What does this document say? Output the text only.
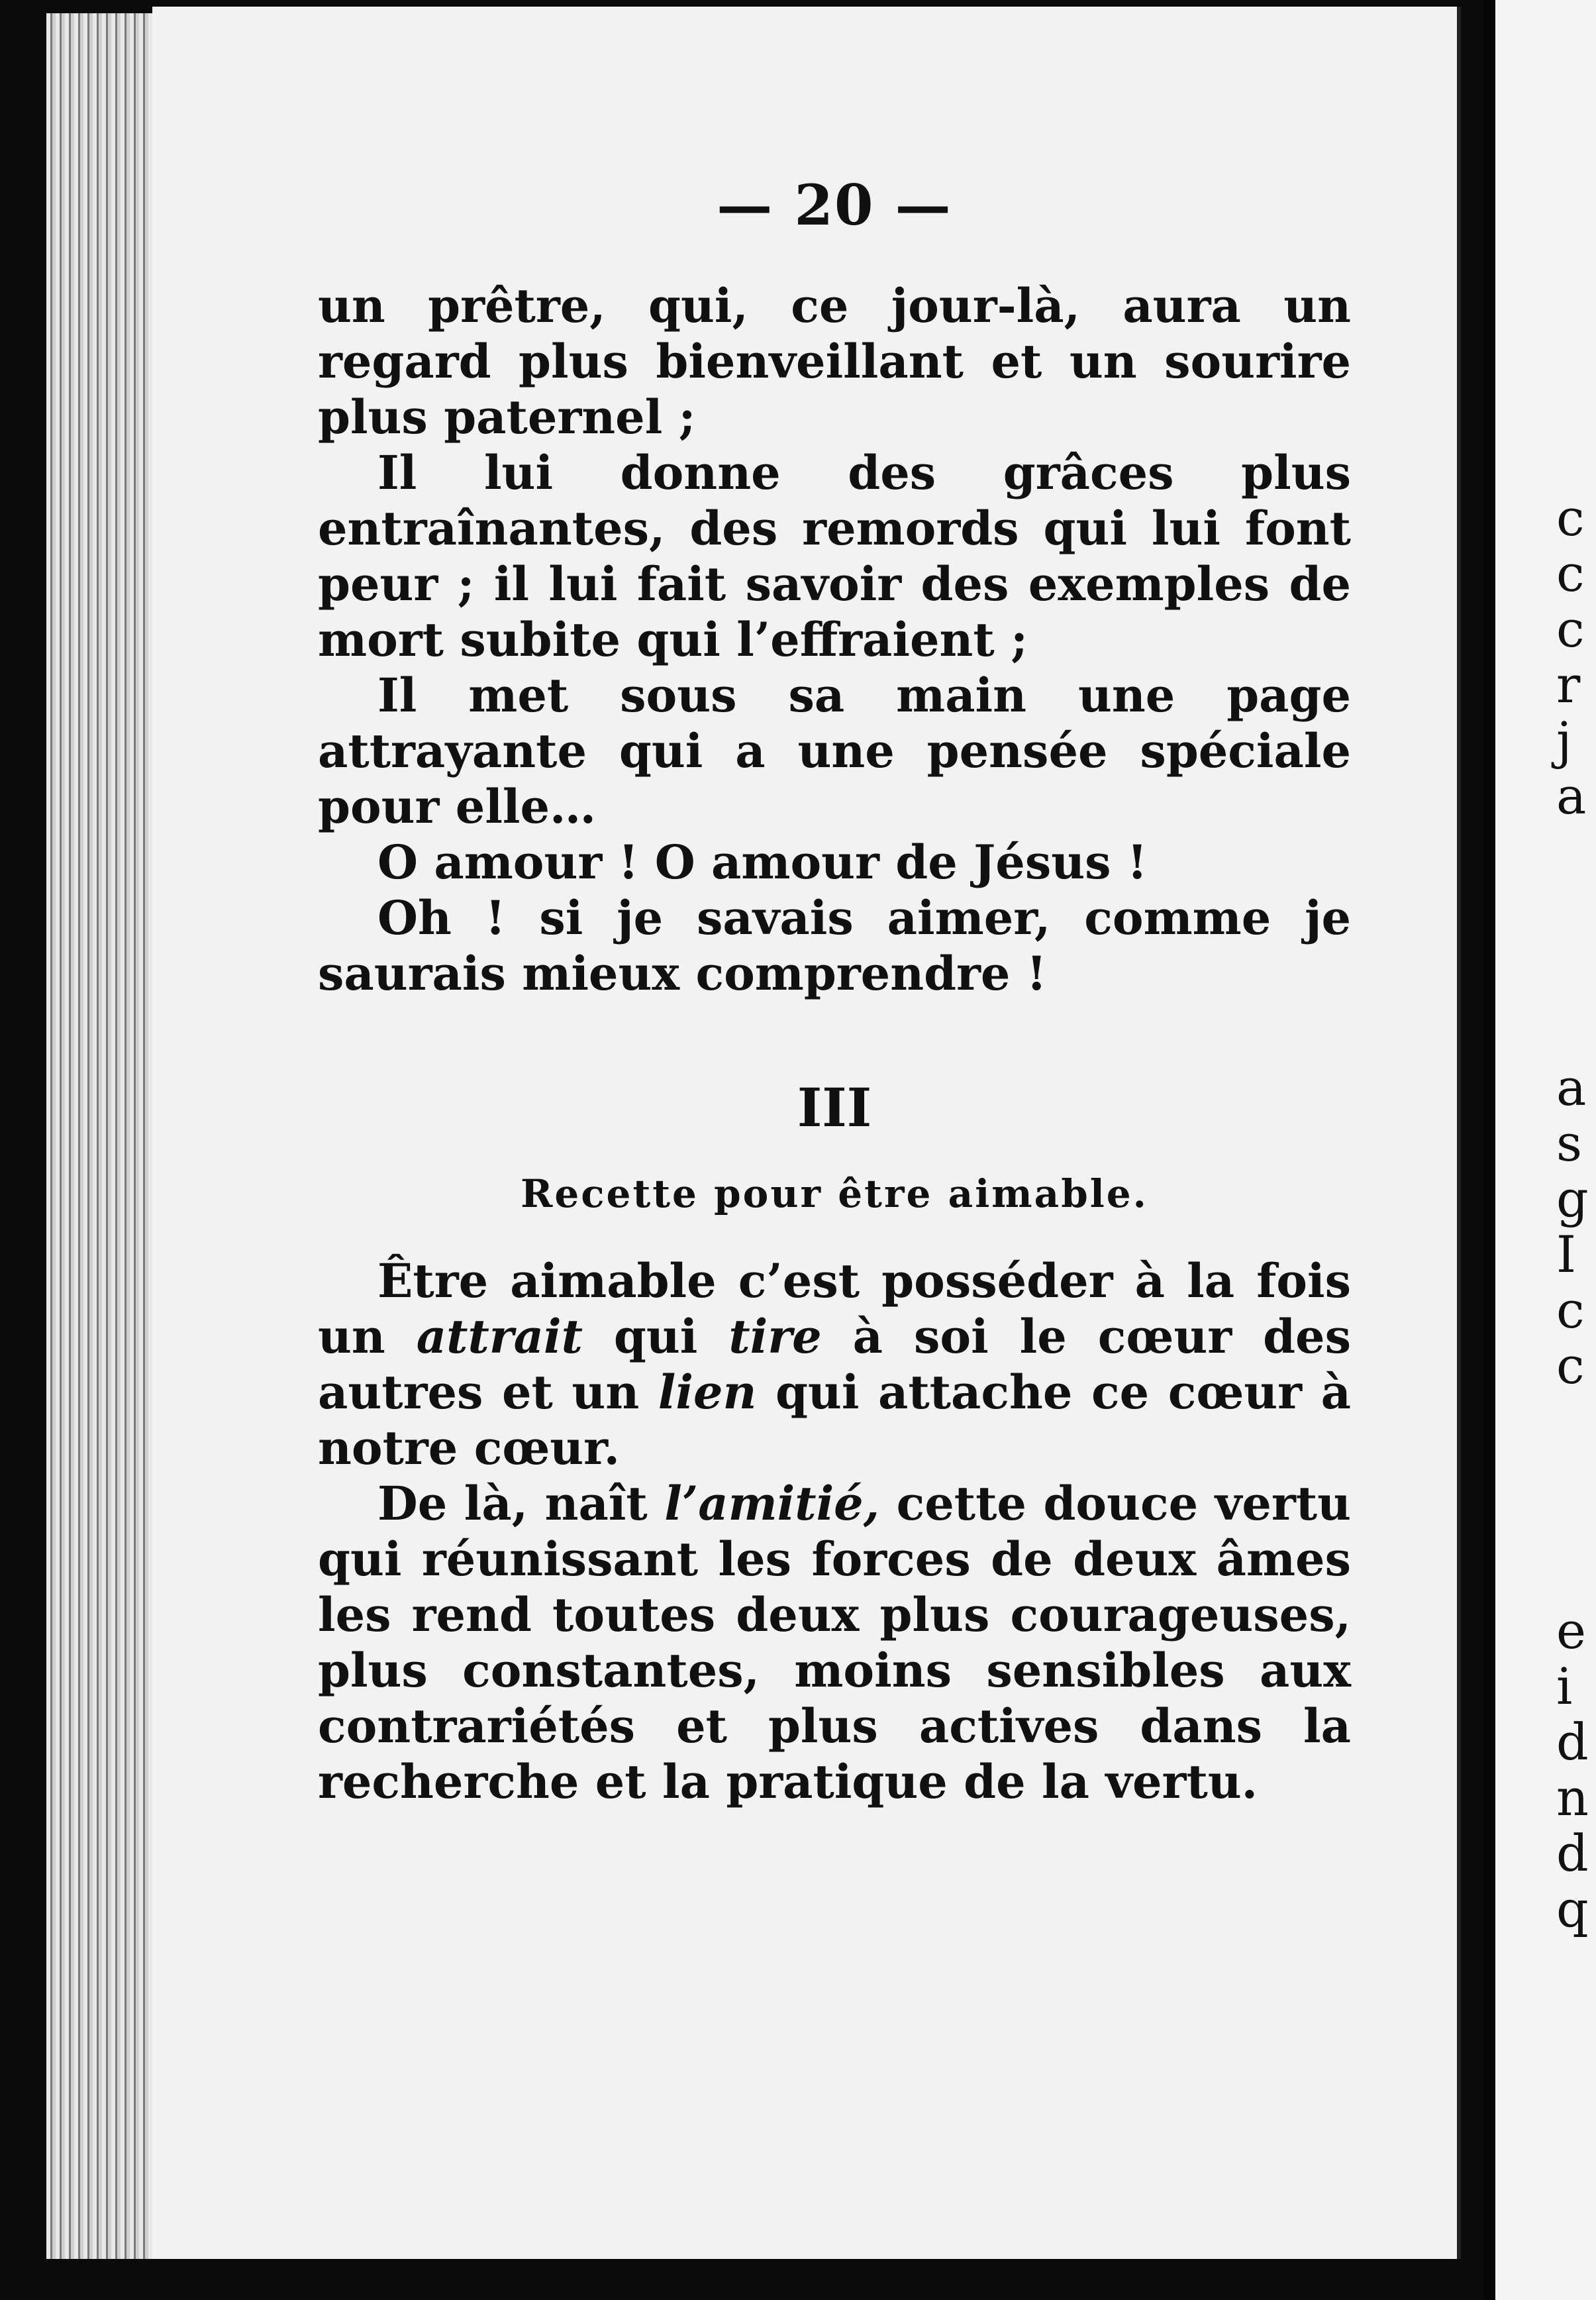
c
c
c
r
j
a
a
s
g
I
c
c
e
i
d
n
d
q
— 20 —

un prêtre, qui, ce jour-là, aura un regard plus bienveillant et un sourire plus paternel ;

Il lui donne des grâces plus entraînantes, des remords qui lui font peur ; il lui fait savoir des exemples de mort subite qui l’effraient ;

Il met sous sa main une page attrayante qui a une pensée spéciale pour elle…

O amour ! O amour de Jésus !

Oh ! si je savais aimer, comme je saurais mieux comprendre !

III
Recette pour être aimable.

Être aimable c’est posséder à la fois un attrait qui tire à soi le cœur des autres et un lien qui attache ce cœur à notre cœur.

De là, naît l’amitié, cette douce vertu qui réunissant les forces de deux âmes les rend toutes deux plus courageuses, plus constantes, moins sensibles aux contrariétés et plus actives dans la recherche et la pratique de la vertu.
